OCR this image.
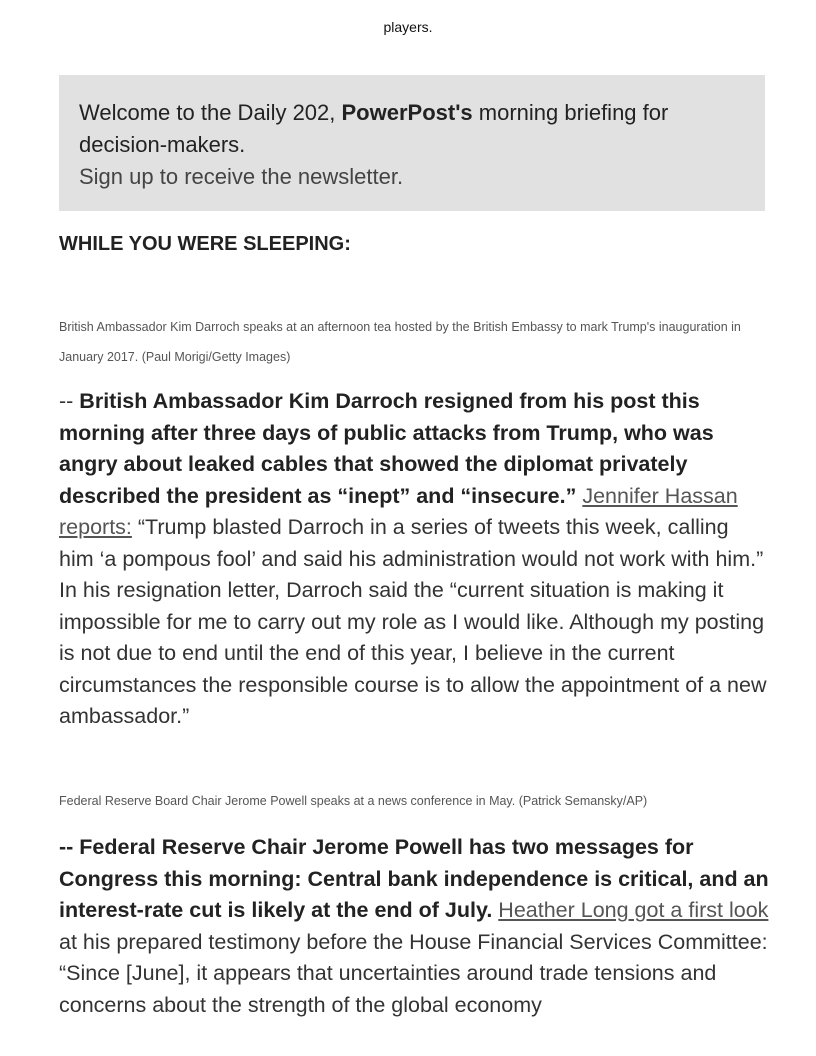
players.
Welcome to the Daily 202, PowerPost's morning briefing for decision-makers.
Sign up to receive the newsletter.
WHILE YOU WERE SLEEPING:
British Ambassador Kim Darroch speaks at an afternoon tea hosted by the British Embassy to mark Trump's inauguration in January 2017. (Paul Morigi/Getty Images)
-- British Ambassador Kim Darroch resigned from his post this morning after three days of public attacks from Trump, who was angry about leaked cables that showed the diplomat privately described the president as “inept” and “insecure.” Jennifer Hassan reports: “Trump blasted Darroch in a series of tweets this week, calling him ‘a pompous fool’ and said his administration would not work with him.” In his resignation letter, Darroch said the “current situation is making it impossible for me to carry out my role as I would like. Although my posting is not due to end until the end of this year, I believe in the current circumstances the responsible course is to allow the appointment of a new ambassador.”
Federal Reserve Board Chair Jerome Powell speaks at a news conference in May. (Patrick Semansky/AP)
-- Federal Reserve Chair Jerome Powell has two messages for Congress this morning: Central bank independence is critical, and an interest-rate cut is likely at the end of July. Heather Long got a first look at his prepared testimony before the House Financial Services Committee: “Since [June], it appears that uncertainties around trade tensions and concerns about the strength of the global economy
